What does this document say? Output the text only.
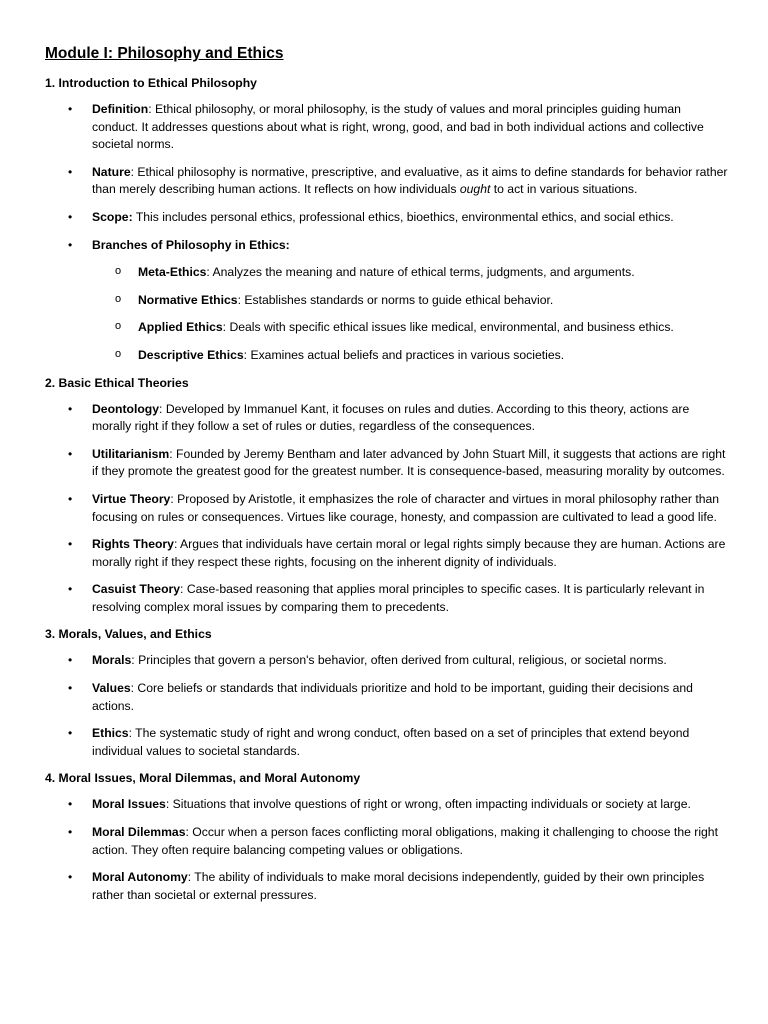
Module I: Philosophy and Ethics
1. Introduction to Ethical Philosophy
• Definition: Ethical philosophy, or moral philosophy, is the study of values and moral principles guiding human conduct. It addresses questions about what is right, wrong, good, and bad in both individual actions and collective societal norms.
• Nature: Ethical philosophy is normative, prescriptive, and evaluative, as it aims to define standards for behavior rather than merely describing human actions. It reflects on how individuals ought to act in various situations.
• Scope: This includes personal ethics, professional ethics, bioethics, environmental ethics, and social ethics.
• Branches of Philosophy in Ethics:
o Meta-Ethics: Analyzes the meaning and nature of ethical terms, judgments, and arguments.
o Normative Ethics: Establishes standards or norms to guide ethical behavior.
o Applied Ethics: Deals with specific ethical issues like medical, environmental, and business ethics.
o Descriptive Ethics: Examines actual beliefs and practices in various societies.
2. Basic Ethical Theories
• Deontology: Developed by Immanuel Kant, it focuses on rules and duties. According to this theory, actions are morally right if they follow a set of rules or duties, regardless of the consequences.
• Utilitarianism: Founded by Jeremy Bentham and later advanced by John Stuart Mill, it suggests that actions are right if they promote the greatest good for the greatest number. It is consequence-based, measuring morality by outcomes.
• Virtue Theory: Proposed by Aristotle, it emphasizes the role of character and virtues in moral philosophy rather than focusing on rules or consequences. Virtues like courage, honesty, and compassion are cultivated to lead a good life.
• Rights Theory: Argues that individuals have certain moral or legal rights simply because they are human. Actions are morally right if they respect these rights, focusing on the inherent dignity of individuals.
• Casuist Theory: Case-based reasoning that applies moral principles to specific cases. It is particularly relevant in resolving complex moral issues by comparing them to precedents.
3. Morals, Values, and Ethics
• Morals: Principles that govern a person's behavior, often derived from cultural, religious, or societal norms.
• Values: Core beliefs or standards that individuals prioritize and hold to be important, guiding their decisions and actions.
• Ethics: The systematic study of right and wrong conduct, often based on a set of principles that extend beyond individual values to societal standards.
4. Moral Issues, Moral Dilemmas, and Moral Autonomy
• Moral Issues: Situations that involve questions of right or wrong, often impacting individuals or society at large.
• Moral Dilemmas: Occur when a person faces conflicting moral obligations, making it challenging to choose the right action. They often require balancing competing values or obligations.
• Moral Autonomy: The ability of individuals to make moral decisions independently, guided by their own principles rather than societal or external pressures.
